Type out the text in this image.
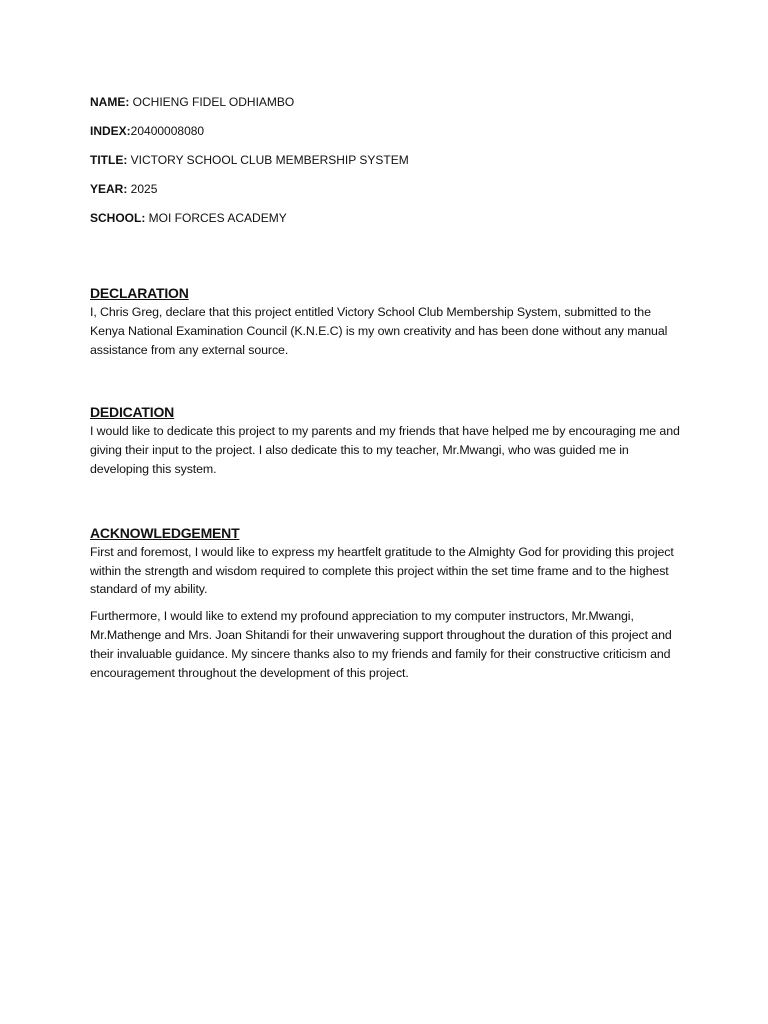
NAME: OCHIENG FIDEL ODHIAMBO

INDEX:20400008080

TITLE: VICTORY SCHOOL CLUB MEMBERSHIP SYSTEM

YEAR: 2025

SCHOOL: MOI FORCES ACADEMY

DECLARATION

I, Chris Greg, declare that this project entitled Victory School Club Membership System, submitted to the Kenya National Examination Council (K.N.E.C) is my own creativity and has been done without any manual assistance from any external source.

DEDICATION

I would like to dedicate this project to my parents and my friends that have helped me by encouraging me and giving their input to the project. I also dedicate this to my teacher, Mr.Mwangi, who was guided me in developing this system.

ACKNOWLEDGEMENT

First and foremost, I would like to express my heartfelt gratitude to the Almighty God for providing this project within the strength and wisdom required to complete this project within the set time frame and to the highest standard of my ability.

Furthermore, I would like to extend my profound appreciation to my computer instructors, Mr.Mwangi, Mr.Mathenge and Mrs. Joan Shitandi for their unwavering support throughout the duration of this project and their invaluable guidance. My sincere thanks also to my friends and family for their constructive criticism and encouragement throughout the development of this project.
